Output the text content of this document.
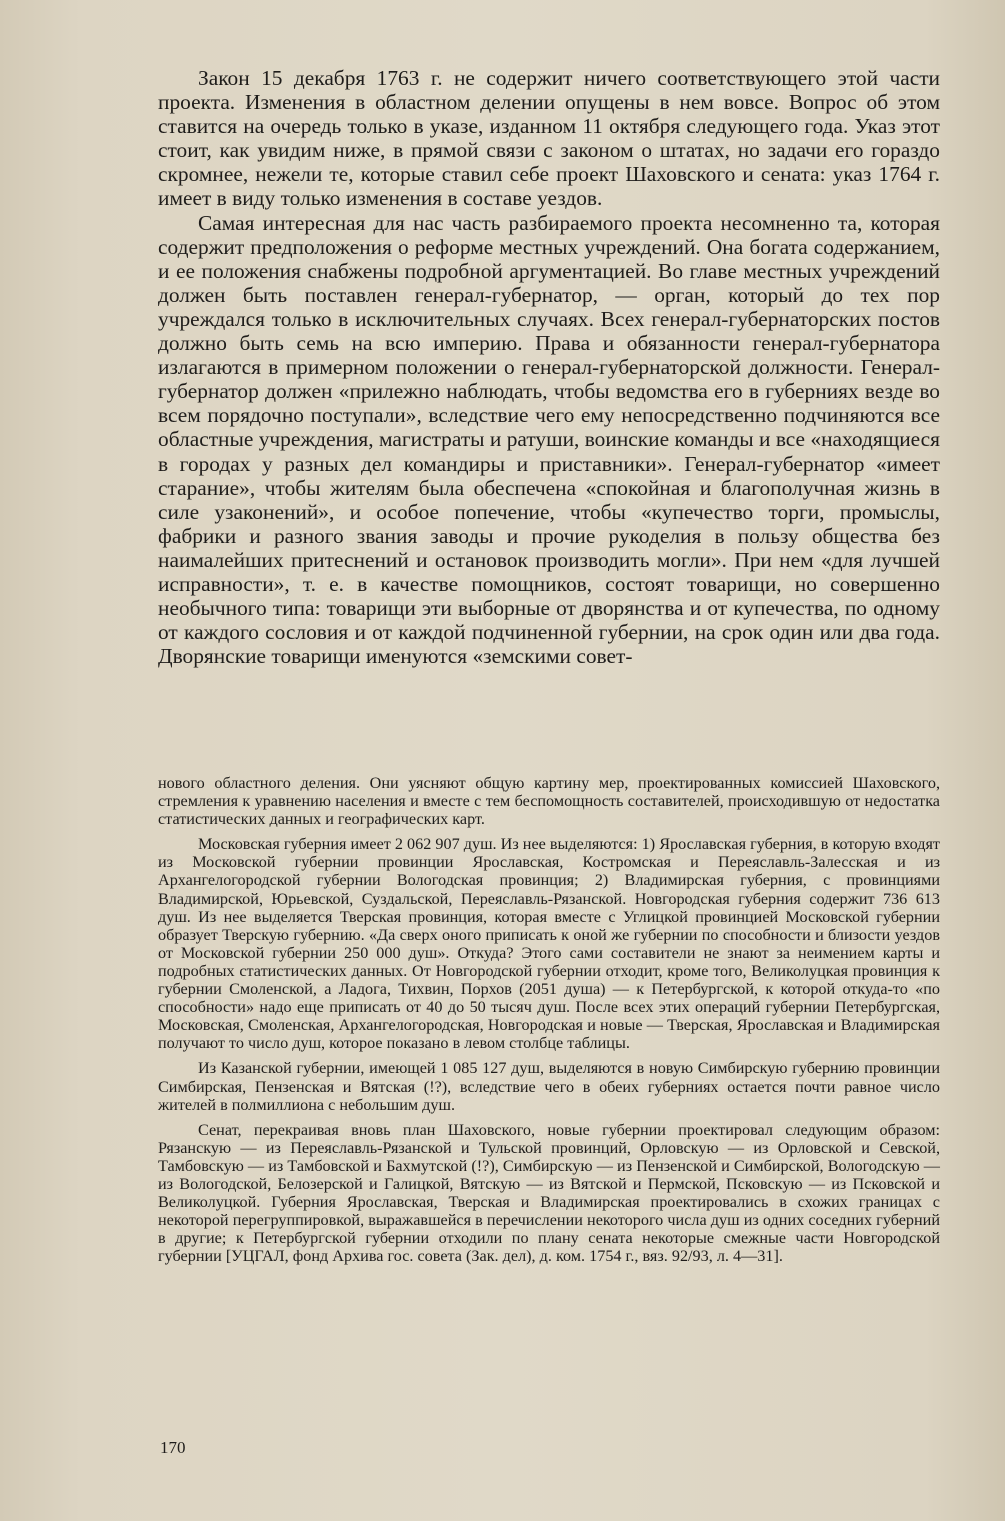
Закон 15 декабря 1763 г. не содержит ничего соответствующего этой части проекта. Изменения в областном делении опущены в нем вовсе. Вопрос об этом ставится на очередь только в указе, изданном 11 октября следующего года. Указ этот стоит, как увидим ниже, в прямой связи с законом о штатах, но задачи его гораздо скромнее, нежели те, которые ставил себе проект Шаховского и сената: указ 1764 г. имеет в виду только изменения в составе уездов.

Самая интересная для нас часть разбираемого проекта несомненно та, которая содержит предположения о реформе местных учреждений. Она богата содержанием, и ее положения снабжены подробной аргументацией. Во главе местных учреждений должен быть поставлен генерал-губернатор, — орган, который до тех пор учреждался только в исключительных случаях. Всех генерал-губернаторских постов должно быть семь на всю империю. Права и обязанности генерал-губернатора излагаются в примерном положении о генерал-губернаторской должности. Генерал-губернатор должен «прилежно наблюдать, чтобы ведомства его в губерниях везде во всем порядочно поступали», вследствие чего ему непосредственно подчиняются все областные учреждения, магистраты и ратуши, воинские команды и все «находящиеся в городах у разных дел командиры и приставники». Генерал-губернатор «имеет старание», чтобы жителям была обеспечена «спокойная и благополучная жизнь в силе узаконений», и особое попечение, чтобы «купечество торги, промыслы, фабрики и разного звания заводы и прочие рукоделия в пользу общества без наималейших притеснений и остановок производить могли». При нем «для лучшей исправности», т. е. в качестве помощников, состоят товарищи, но совершенно необычного типа: товарищи эти выборные от дворянства и от купечества, по одному от каждого сословия и от каждой подчиненной губернии, на срок один или два года. Дворянские товарищи именуются «земскими совет-

нового областного деления. Они уясняют общую картину мер, проектированных комиссией Шаховского, стремления к уравнению населения и вместе с тем беспомощность составителей, происходившую от недостатка статистических данных и географических карт.

Московская губерния имеет 2 062 907 душ. Из нее выделяются: 1) Ярославская губерния, в которую входят из Московской губернии провинции Ярославская, Костромская и Переяславль-Залесская и из Архангелогородской губернии Вологодская провинция; 2) Владимирская губерния, с провинциями Владимирской, Юрьевской, Суздальской, Переяславль-Рязанской. Новгородская губерния содержит 736 613 душ. Из нее выделяется Тверская провинция, которая вместе с Углицкой провинцией Московской губернии образует Тверскую губернию. «Да сверх оного приписать к оной же губернии по способности и близости уездов от Московской губернии 250 000 душ». Откуда? Этого сами составители не знают за неимением карты и подробных статистических данных. От Новгородской губернии отходит, кроме того, Великолуцкая провинция к губернии Смоленской, а Ладога, Тихвин, Порхов (2051 душа) — к Петербургской, к которой откуда-то «по способности» надо еще приписать от 40 до 50 тысяч душ. После всех этих операций губернии Петербургская, Московская, Смоленская, Архангелогородская, Новгородская и новые — Тверская, Ярославская и Владимирская получают то число душ, которое показано в левом столбце таблицы.

Из Казанской губернии, имеющей 1 085 127 душ, выделяются в новую Симбирскую губернию провинции Симбирская, Пензенская и Вятская (!?), вследствие чего в обеих губерниях остается почти равное число жителей в полмиллиона с небольшим душ.

Сенат, перекраивая вновь план Шаховского, новые губернии проектировал следующим образом: Рязанскую — из Переяславль-Рязанской и Тульской провинций, Орловскую — из Орловской и Севской, Тамбовскую — из Тамбовской и Бахмутской (!?), Симбирскую — из Пензенской и Симбирской, Вологодскую — из Вологодской, Белозерской и Галицкой, Вятскую — из Вятской и Пермской, Псковскую — из Псковской и Великолуцкой. Губерния Ярославская, Тверская и Владимирская проектировались в схожих границах с некоторой перегруппировкой, выражавшейся в перечислении некоторого числа душ из одних соседних губерний в другие; к Петербургской губернии отходили по плану сената некоторые смежные части Новгородской губернии [УЦГАЛ, фонд Архива гос. совета (Зак. дел), д. ком. 1754 г., вяз. 92/93, л. 4—31].

170
